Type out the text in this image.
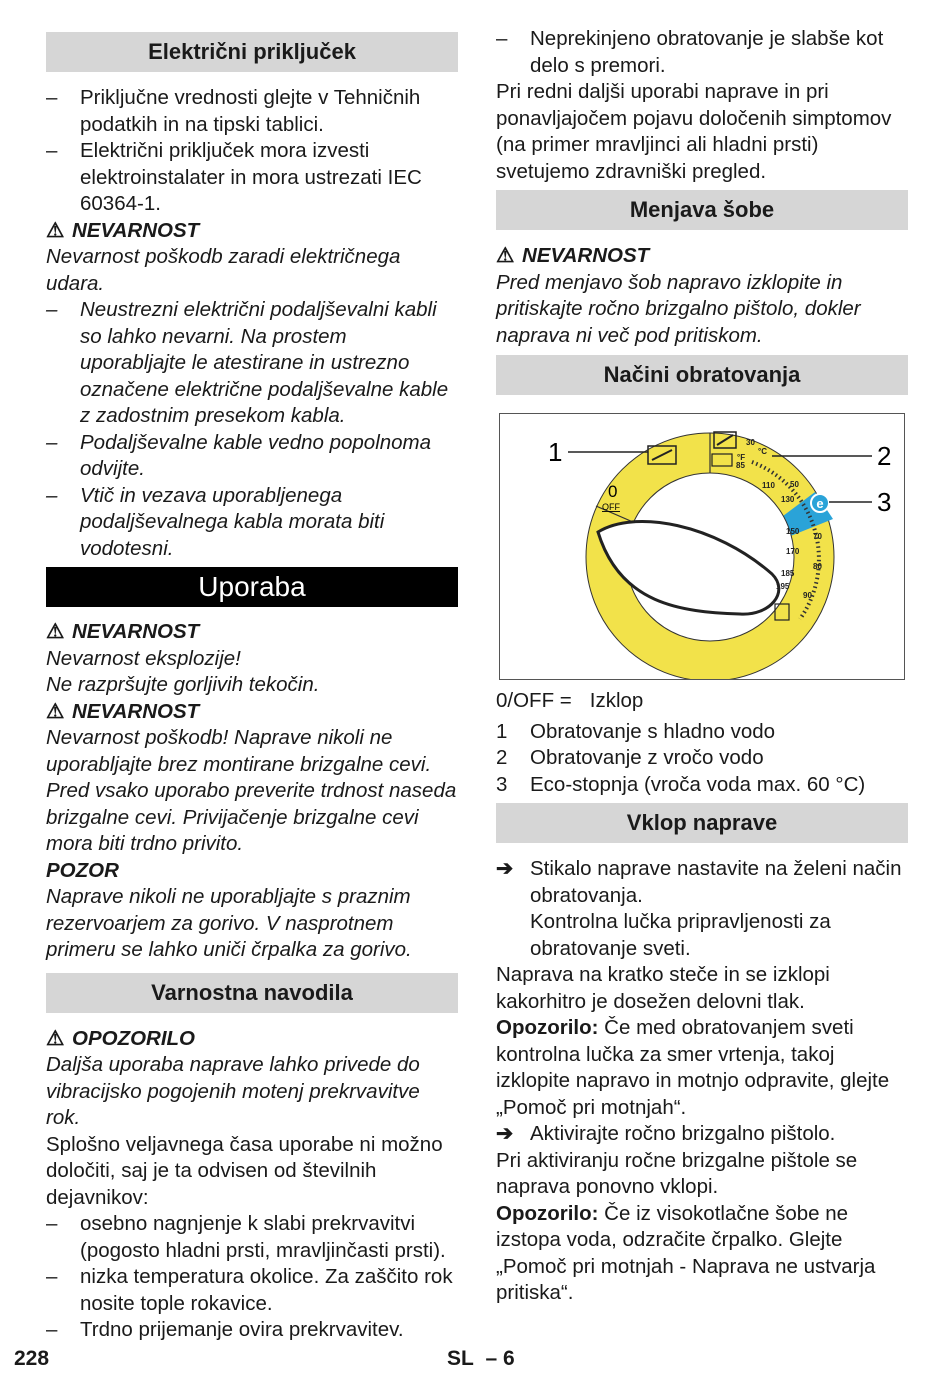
Električni priključek
– Priključne vrednosti glejte v Tehničnih podatkih in na tipski tablici.
– Električni priključek mora izvesti elektroinstalater in mora ustrezati IEC 60364-1.
⚠ NEVARNOST
Nevarnost poškodb zaradi električnega udara.
– Neustrezni električni podaljševalni kabli so lahko nevarni. Na prostem uporabljajte le atestirane in ustrezno označene električne podaljševalne kable z zadostnim presekom kabla.
– Podaljševalne kable vedno popolnoma odvijte.
– Vtič in vezava uporabljenega podaljševalnega kabla morata biti vodotesni.
Uporaba
⚠ NEVARNOST
Nevarnost eksplozije!
Ne razpršujte gorljivih tekočin.
⚠ NEVARNOST
Nevarnost poškodb! Naprave nikoli ne uporabljajte brez montirane brizgalne cevi. Pred vsako uporabo preverite trdnost naseda brizgalne cevi. Privijačenje brizgalne cevi mora biti trdno privito.
POZOR
Naprave nikoli ne uporabljajte s praznim rezervoarjem za gorivo. V nasprotnem primeru se lahko uniči črpalka za gorivo.
Varnostna navodila
⚠ OPOZORILO
Daljša uporaba naprave lahko privede do vibracijsko pogojenih motenj prekrvavitve rok.
Splošno veljavnega časa uporabe ni možno določiti, saj je ta odvisen od številnih dejavnikov:
– osebno nagnjenje k slabi prekrvavitvi (pogosto hladni prsti, mravljinčasti prsti).
– nizka temperatura okolice. Za zaščito rok nosite tople rokavice.
– Trdno prijemanje ovira prekrvavitev.
– Neprekinjeno obratovanje je slabše kot delo s premori.
Pri redni daljši uporabi naprave in pri ponavljajočem pojavu določenih simptomov (na primer mravljinci ali hladni prsti) svetujemo zdravniški pregled.
Menjava šobe
⚠ NEVARNOST
Pred menjavo šob napravo izklopite in pritiskajte ročno brizgalno pištolo, dokler naprava ni več pod pritiskom.
Načini obratovanja
e
1	2
3
0
OFF
30
°C
°F
85
110 50
130
150
70
170
80
185
195
90
0/OFF = Izklop
1 Obratovanje s hladno vodo
2 Obratovanje z vročo vodo
3 Eco-stopnja (vroča voda max. 60 °C)
Vklop naprave
➔ Stikalo naprave nastavite na želeni način obratovanja.
Kontrolna lučka pripravljenosti za obratovanje sveti.
Naprava na kratko steče in se izklopi kakorhitro je dosežen delovni tlak.
Opozorilo: Če med obratovanjem sveti kontrolna lučka za smer vrtenja, takoj izklopite napravo in motnjo odpravite, glejte „Pomoč pri motnjah“.
➔ Aktivirajte ročno brizgalno pištolo.
Pri aktiviranju ročne brizgalne pištole se naprava ponovno vklopi.
Opozorilo: Če iz visokotlačne šobe ne izstopa voda, odzračite črpalko. Glejte „Pomoč pri motnjah - Naprava ne ustvarja pritiska“.
228	SL – 6
